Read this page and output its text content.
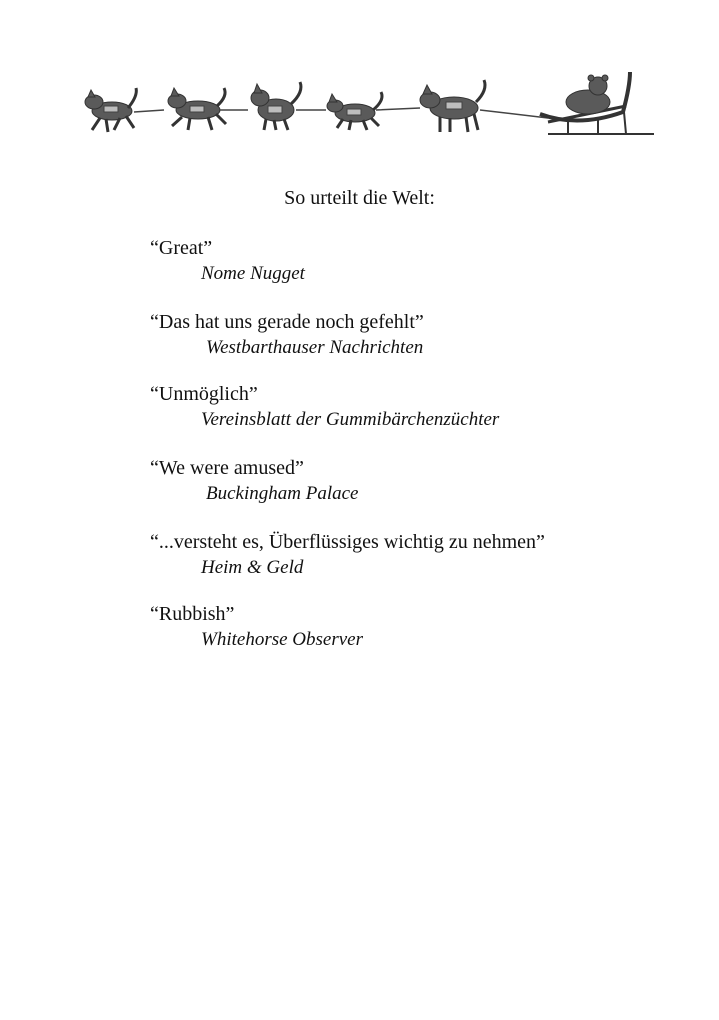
So urteilt die Welt:
“Great”
Nome Nugget
“Das hat uns gerade noch gefehlt”
Westbarthauser Nachrichten
“Unmöglich”
Vereinsblatt der Gummibärchenzüchter
“We were amused”
Buckingham Palace
“...versteht es, Überflüssiges wichtig zu nehmen”
Heim & Geld
“Rubbish”
Whitehorse Observer
